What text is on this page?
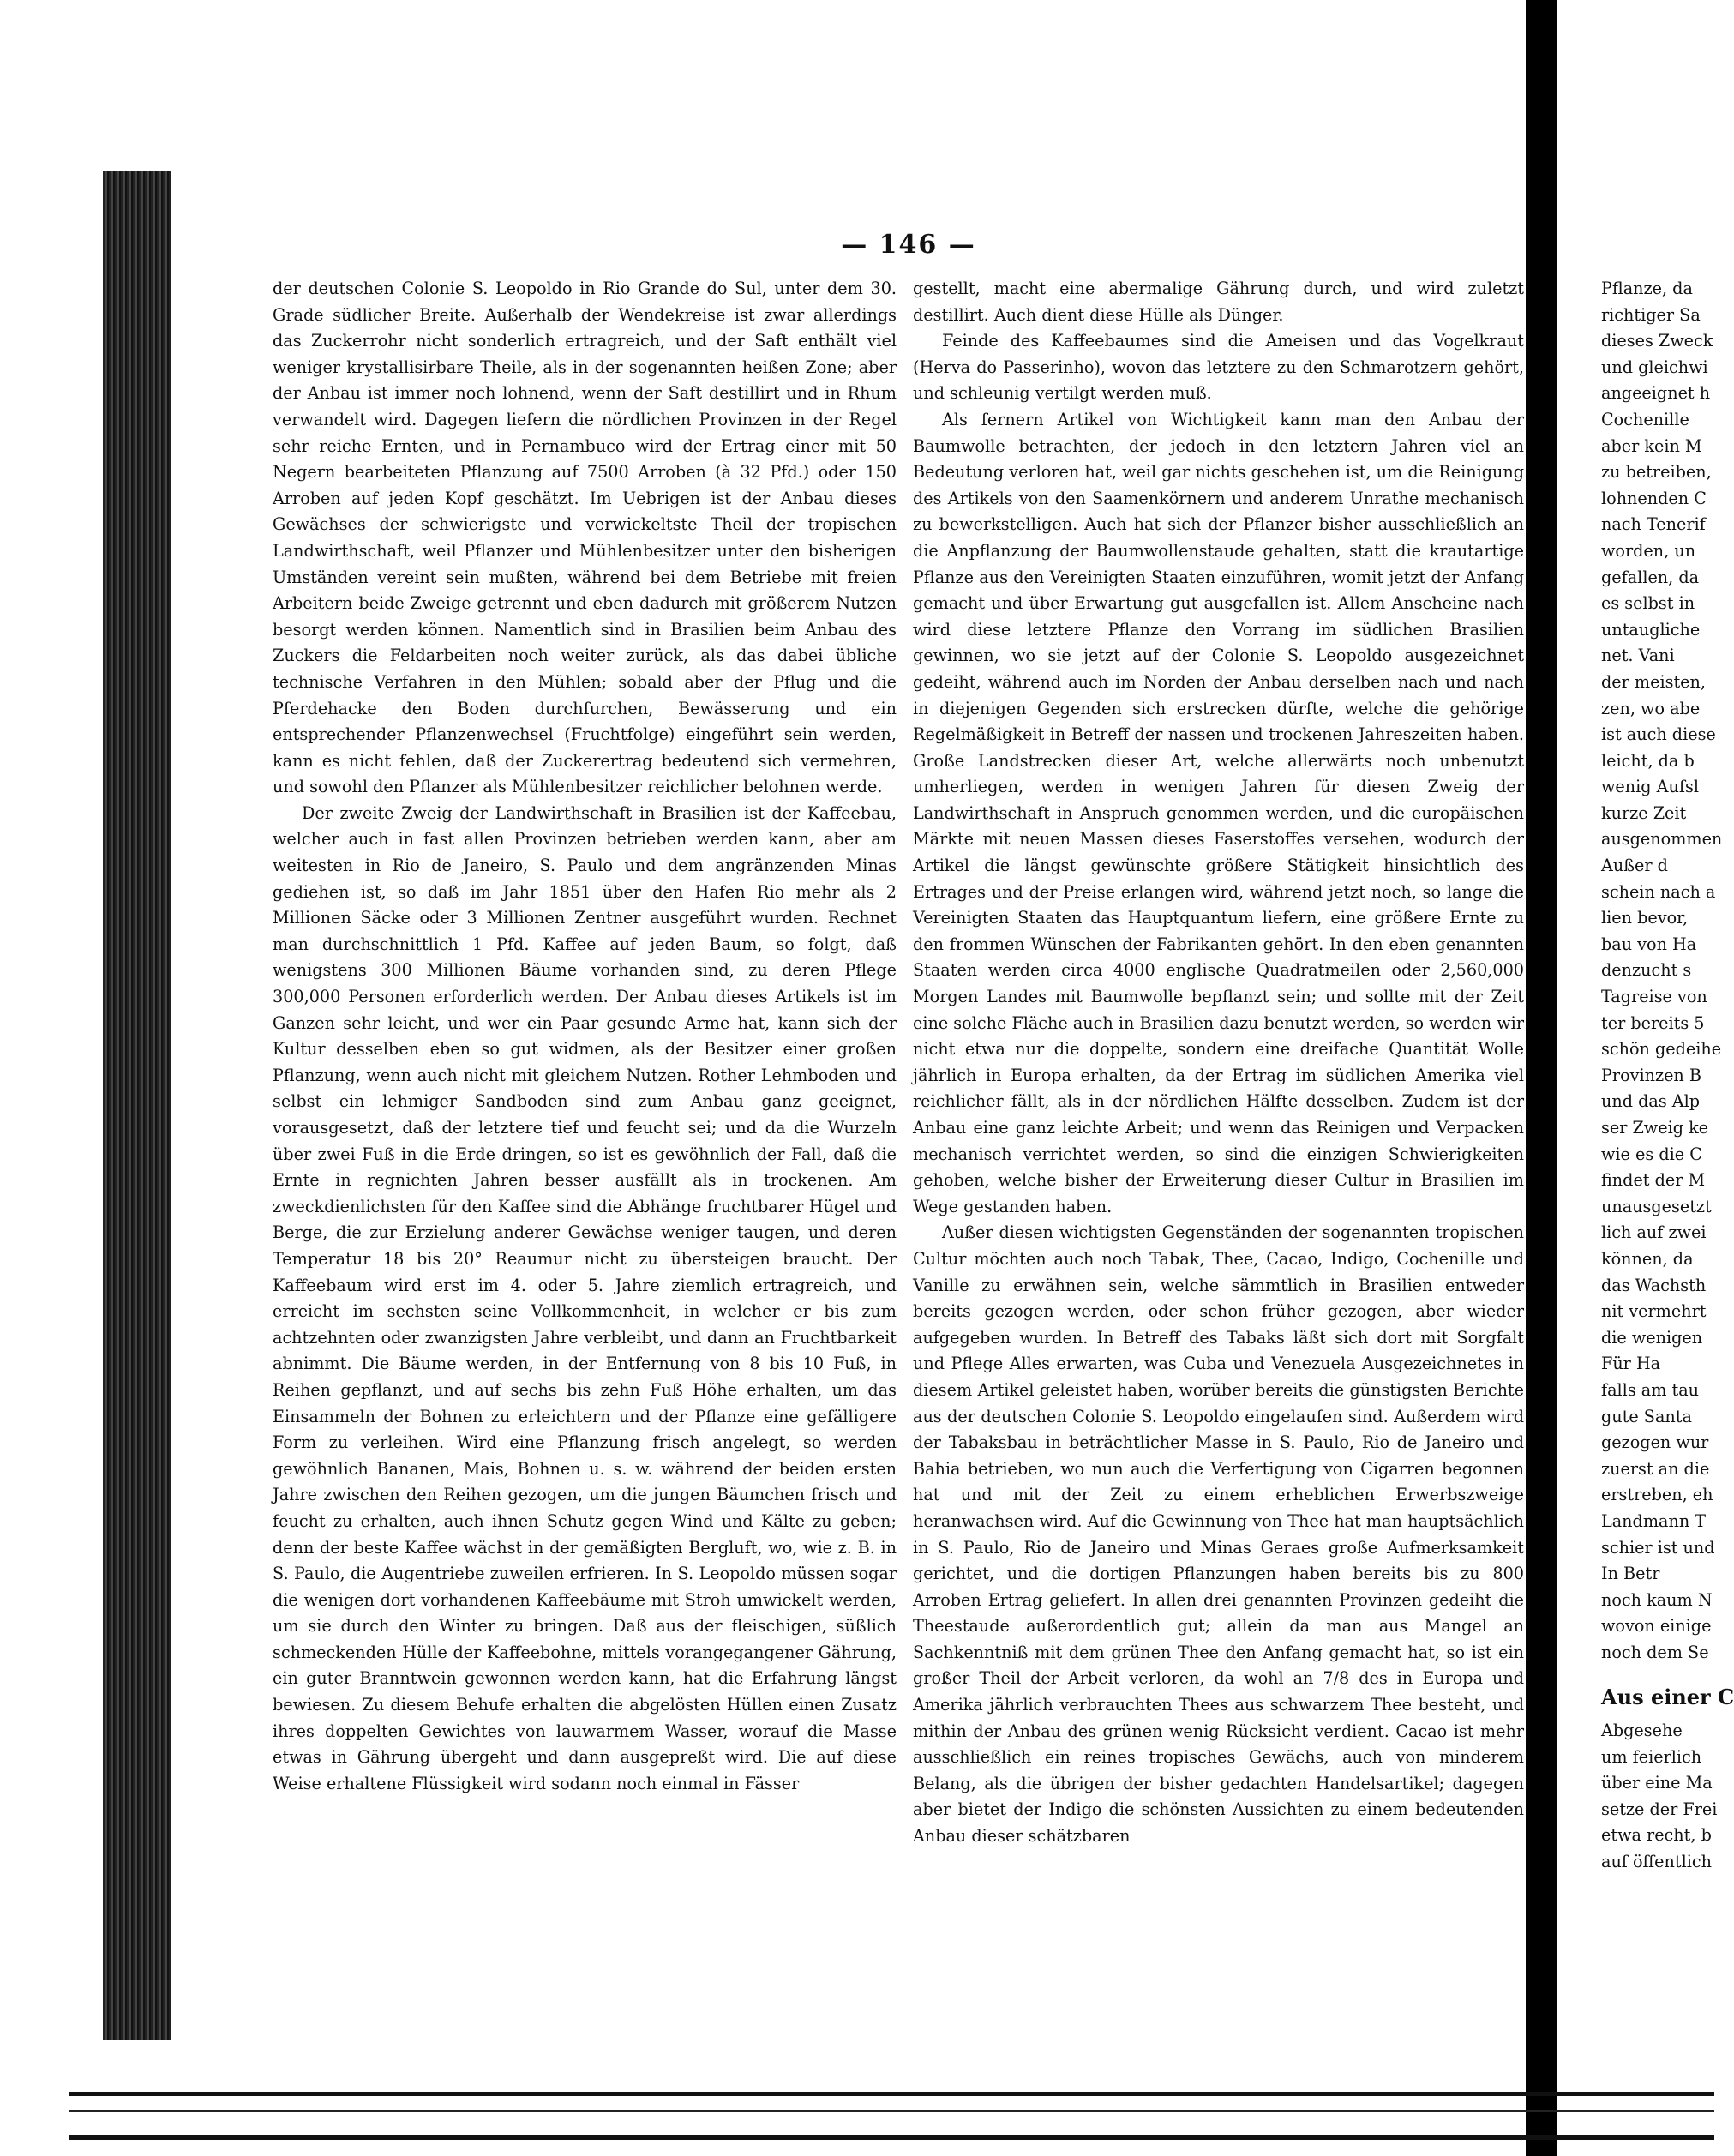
— 146 —

der deutschen Colonie S. Leopoldo in Rio Grande do Sul, unter dem 30. Grade südlicher Breite. Außerhalb der Wendekreise ist zwar allerdings das Zuckerrohr nicht sonderlich ertragreich, und der Saft enthält viel weniger krystallisirbare Theile, als in der sogenannten heißen Zone; aber der Anbau ist immer noch lohnend, wenn der Saft destillirt und in Rhum verwandelt wird. Dagegen liefern die nördlichen Provinzen in der Regel sehr reiche Ernten, und in Pernambuco wird der Ertrag einer mit 50 Negern bearbeiteten Pflanzung auf 7500 Arroben (à 32 Pfd.) oder 150 Arroben auf jeden Kopf geschätzt. Im Uebrigen ist der Anbau dieses Gewächses der schwierigste und verwickeltste Theil der tropischen Landwirthschaft, weil Pflanzer und Mühlenbesitzer unter den bisherigen Umständen vereint sein mußten, während bei dem Betriebe mit freien Arbeitern beide Zweige getrennt und eben dadurch mit größerem Nutzen besorgt werden können. Namentlich sind in Brasilien beim Anbau des Zuckers die Feldarbeiten noch weiter zurück, als das dabei übliche technische Verfahren in den Mühlen; sobald aber der Pflug und die Pferdehacke den Boden durchfurchen, Bewässerung und ein entsprechender Pflanzenwechsel (Fruchtfolge) eingeführt sein werden, kann es nicht fehlen, daß der Zuckerertrag bedeutend sich vermehren, und sowohl den Pflanzer als Mühlenbesitzer reichlicher belohnen werde.

Der zweite Zweig der Landwirthschaft in Brasilien ist der Kaffeebau, welcher auch in fast allen Provinzen betrieben werden kann, aber am weitesten in Rio de Janeiro, S. Paulo und dem angränzenden Minas gediehen ist, so daß im Jahr 1851 über den Hafen Rio mehr als 2 Millionen Säcke oder 3 Millionen Zentner ausgeführt wurden. Rechnet man durchschnittlich 1 Pfd. Kaffee auf jeden Baum, so folgt, daß wenigstens 300 Millionen Bäume vorhanden sind, zu deren Pflege 300,000 Personen erforderlich werden. Der Anbau dieses Artikels ist im Ganzen sehr leicht, und wer ein Paar gesunde Arme hat, kann sich der Kultur desselben eben so gut widmen, als der Besitzer einer großen Pflanzung, wenn auch nicht mit gleichem Nutzen. Rother Lehmboden und selbst ein lehmiger Sandboden sind zum Anbau ganz geeignet, vorausgesetzt, daß der letztere tief und feucht sei; und da die Wurzeln über zwei Fuß in die Erde dringen, so ist es gewöhnlich der Fall, daß die Ernte in regnichten Jahren besser ausfällt als in trockenen. Am zweckdienlichsten für den Kaffee sind die Abhänge fruchtbarer Hügel und Berge, die zur Erzielung anderer Gewächse weniger taugen, und deren Temperatur 18 bis 20° Reaumur nicht zu übersteigen braucht. Der Kaffeebaum wird erst im 4. oder 5. Jahre ziemlich ertragreich, und erreicht im sechsten seine Vollkommenheit, in welcher er bis zum achtzehnten oder zwanzigsten Jahre verbleibt, und dann an Fruchtbarkeit abnimmt. Die Bäume werden, in der Entfernung von 8 bis 10 Fuß, in Reihen gepflanzt, und auf sechs bis zehn Fuß Höhe erhalten, um das Einsammeln der Bohnen zu erleichtern und der Pflanze eine gefälligere Form zu verleihen. Wird eine Pflanzung frisch angelegt, so werden gewöhnlich Bananen, Mais, Bohnen u. s. w. während der beiden ersten Jahre zwischen den Reihen gezogen, um die jungen Bäumchen frisch und feucht zu erhalten, auch ihnen Schutz gegen Wind und Kälte zu geben; denn der beste Kaffee wächst in der gemäßigten Bergluft, wo, wie z. B. in S. Paulo, die Augentriebe zuweilen erfrieren. In S. Leopoldo müssen sogar die wenigen dort vorhandenen Kaffeebäume mit Stroh umwickelt werden, um sie durch den Winter zu bringen. Daß aus der fleischigen, süßlich schmeckenden Hülle der Kaffeebohne, mittels vorangegangener Gährung, ein guter Branntwein gewonnen werden kann, hat die Erfahrung längst bewiesen. Zu diesem Behufe erhalten die abgelösten Hüllen einen Zusatz ihres doppelten Gewichtes von lauwarmem Wasser, worauf die Masse etwas in Gährung übergeht und dann ausgepreßt wird. Die auf diese Weise erhaltene Flüssigkeit wird sodann noch einmal in Fässer

gestellt, macht eine abermalige Gährung durch, und wird zuletzt destillirt. Auch dient diese Hülle als Dünger.

Feinde des Kaffeebaumes sind die Ameisen und das Vogelkraut (Herva do Passerinho), wovon das letztere zu den Schmarotzern gehört, und schleunig vertilgt werden muß.

Als fernern Artikel von Wichtigkeit kann man den Anbau der Baumwolle betrachten, der jedoch in den letztern Jahren viel an Bedeutung verloren hat, weil gar nichts geschehen ist, um die Reinigung des Artikels von den Saamenkörnern und anderem Unrathe mechanisch zu bewerkstelligen. Auch hat sich der Pflanzer bisher ausschließlich an die Anpflanzung der Baumwollenstaude gehalten, statt die krautartige Pflanze aus den Vereinigten Staaten einzuführen, womit jetzt der Anfang gemacht und über Erwartung gut ausgefallen ist. Allem Anscheine nach wird diese letztere Pflanze den Vorrang im südlichen Brasilien gewinnen, wo sie jetzt auf der Colonie S. Leopoldo ausgezeichnet gedeiht, während auch im Norden der Anbau derselben nach und nach in diejenigen Gegenden sich erstrecken dürfte, welche die gehörige Regelmäßigkeit in Betreff der nassen und trockenen Jahreszeiten haben. Große Landstrecken dieser Art, welche allerwärts noch unbenutzt umherliegen, werden in wenigen Jahren für diesen Zweig der Landwirthschaft in Anspruch genommen werden, und die europäischen Märkte mit neuen Massen dieses Faserstoffes versehen, wodurch der Artikel die längst gewünschte größere Stätigkeit hinsichtlich des Ertrages und der Preise erlangen wird, während jetzt noch, so lange die Vereinigten Staaten das Hauptquantum liefern, eine größere Ernte zu den frommen Wünschen der Fabrikanten gehört. In den eben genannten Staaten werden circa 4000 englische Quadratmeilen oder 2,560,000 Morgen Landes mit Baumwolle bepflanzt sein; und sollte mit der Zeit eine solche Fläche auch in Brasilien dazu benutzt werden, so werden wir nicht etwa nur die doppelte, sondern eine dreifache Quantität Wolle jährlich in Europa erhalten, da der Ertrag im südlichen Amerika viel reichlicher fällt, als in der nördlichen Hälfte desselben. Zudem ist der Anbau eine ganz leichte Arbeit; und wenn das Reinigen und Verpacken mechanisch verrichtet werden, so sind die einzigen Schwierigkeiten gehoben, welche bisher der Erweiterung dieser Cultur in Brasilien im Wege gestanden haben.

Außer diesen wichtigsten Gegenständen der sogenannten tropischen Cultur möchten auch noch Tabak, Thee, Cacao, Indigo, Cochenille und Vanille zu erwähnen sein, welche sämmtlich in Brasilien entweder bereits gezogen werden, oder schon früher gezogen, aber wieder aufgegeben wurden. In Betreff des Tabaks läßt sich dort mit Sorgfalt und Pflege Alles erwarten, was Cuba und Venezuela Ausgezeichnetes in diesem Artikel geleistet haben, worüber bereits die günstigsten Berichte aus der deutschen Colonie S. Leopoldo eingelaufen sind. Außerdem wird der Tabaksbau in beträchtlicher Masse in S. Paulo, Rio de Janeiro und Bahia betrieben, wo nun auch die Verfertigung von Cigarren begonnen hat und mit der Zeit zu einem erheblichen Erwerbszweige heranwachsen wird. Auf die Gewinnung von Thee hat man hauptsächlich in S. Paulo, Rio de Janeiro und Minas Geraes große Aufmerksamkeit gerichtet, und die dortigen Pflanzungen haben bereits bis zu 800 Arroben Ertrag geliefert. In allen drei genannten Provinzen gedeiht die Theestaude außerordentlich gut; allein da man aus Mangel an Sachkenntniß mit dem grünen Thee den Anfang gemacht hat, so ist ein großer Theil der Arbeit verloren, da wohl an 7/8 des in Europa und Amerika jährlich verbrauchten Thees aus schwarzem Thee besteht, und mithin der Anbau des grünen wenig Rücksicht verdient. Cacao ist mehr ausschließlich ein reines tropisches Gewächs, auch von minderem Belang, als die übrigen der bisher gedachten Handelsartikel; dagegen aber bietet der Indigo die schönsten Aussichten zu einem bedeutenden Anbau dieser schätzbaren

Pflanze, da
richtiger Sa
dieses Zweck
und gleichwi
angeeignet h
Cochenille
aber kein M
zu betreiben,
lohnenden C
nach Tenerif
worden, un
gefallen, da
es selbst in
untaugliche
net. Vani
der meisten,
zen, wo abe
ist auch diese
leicht, da b
wenig Aufsl
kurze Zeit
ausgenommen
Außer d
schein nach a
lien bevor,
bau von Ha
denzucht s
Tagreise von
ter bereits 5
schön gedeihe
Provinzen B
und das Alp
ser Zweig ke
wie es die C
findet der M
unausgesetzt
lich auf zwei
können, da
das Wachsth
nit vermehrt
die wenigen
Für Ha
falls am tau
gute Santa
gezogen wur
zuerst an die
erstreben, eh
Landmann T
schier ist und
In Betr
noch kaum N
wovon einige
noch dem Se
Aus einer C
Abgesehe
um feierlich
über eine Ma
setze der Frei
etwa recht, b
auf öffentlich
